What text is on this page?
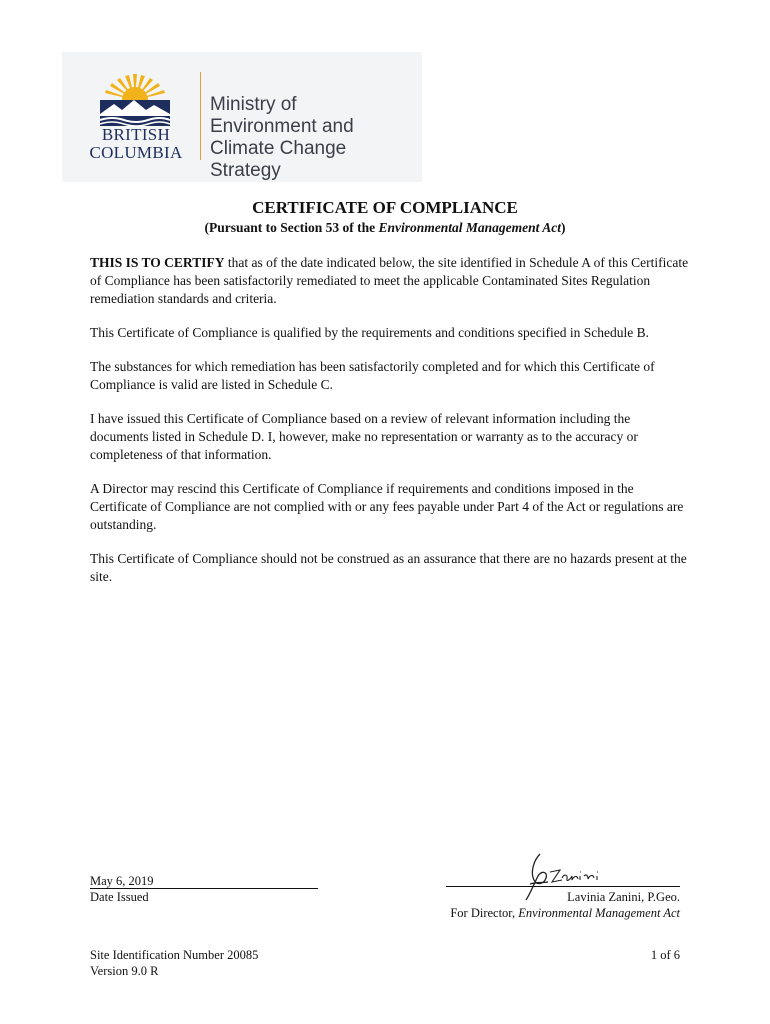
BRITISH
COLUMBIA
Ministry of
Environment and
Climate Change Strategy
CERTIFICATE OF COMPLIANCE
(Pursuant to Section 53 of the Environmental Management Act)

THIS IS TO CERTIFY that as of the date indicated below, the site identified in Schedule A of this Certificate of Compliance has been satisfactorily remediated to meet the applicable Contaminated Sites Regulation remediation standards and criteria.

This Certificate of Compliance is qualified by the requirements and conditions specified in Schedule B.

The substances for which remediation has been satisfactorily completed and for which this Certificate of Compliance is valid are listed in Schedule C.

I have issued this Certificate of Compliance based on a review of relevant information including the documents listed in Schedule D. I, however, make no representation or warranty as to the accuracy or completeness of that information.

A Director may rescind this Certificate of Compliance if requirements and conditions imposed in the Certificate of Compliance are not complied with or any fees payable under Part 4 of the Act or regulations are outstanding.

This Certificate of Compliance should not be construed as an assurance that there are no hazards present at the site.

May 6, 2019
Date Issued	Lavinia Zanini, P.Geo.
For Director, Environmental Management Act
Site Identification Number 20085
Version 9.0 R
1 of 6
